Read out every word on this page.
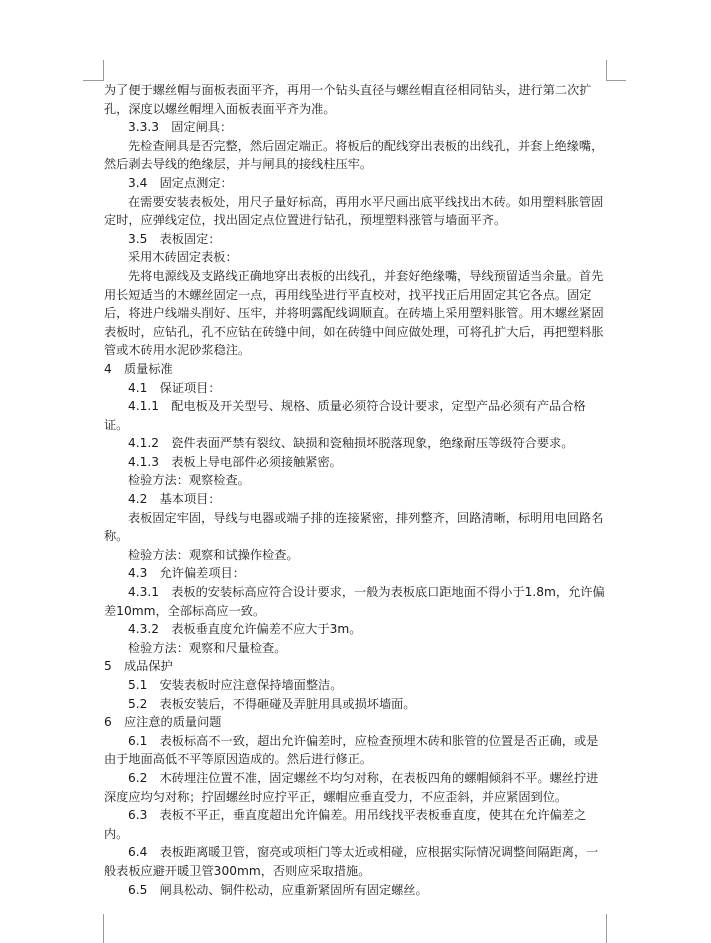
为了便于螺丝帽与面板表面平齐，再用一个钻头直径与螺丝帽直径相同钻头，进行第二次扩孔，深度以螺丝帽埋入面板表面平齐为准。

3.3.3　固定闸具：

先检查闸具是否完整，然后固定端正。将板后的配线穿出表板的出线孔，并套上绝缘嘴，然后剥去导线的绝缘层，并与闸具的接线柱压牢。

3.4　固定点测定：

在需要安装表板处，用尺子量好标高，再用水平尺画出底平线找出木砖。如用塑料胀管固定时，应弹线定位，找出固定点位置进行钻孔，预埋塑料涨管与墙面平齐。

3.5　表板固定：

采用木砖固定表板：

先将电源线及支路线正确地穿出表板的出线孔，并套好绝缘嘴，导线预留适当余量。首先用长短适当的木螺丝固定一点，再用线坠进行平直校对，找平找正后用固定其它各点。固定后，将进户线端头削好、压牢，并将明露配线调顺直。在砖墙上采用塑料胀管。用木螺丝紧固表板时，应钻孔，孔不应钻在砖缝中间，如在砖缝中间应做处理，可将孔扩大后，再把塑料胀管或木砖用水泥砂浆稳注。

4　质量标准

4.1　保证项目：

4.1.1　配电板及开关型号、规格、质量必须符合设计要求，定型产品必须有产品合格证。

4.1.2　瓷件表面严禁有裂纹、缺损和瓷釉损坏脱落现象，绝缘耐压等级符合要求。

4.1.3　表板上导电部件必须接触紧密。

检验方法：观察检查。

4.2　基本项目：

表板固定牢固，导线与电器或端子排的连接紧密，排列整齐，回路清晰，标明用电回路名称。

检验方法：观察和试操作检查。

4.3　允许偏差项目：

4.3.1　表板的安装标高应符合设计要求，一般为表板底口距地面不得小于1.8m，允许偏差10mm，全部标高应一致。

4.3.2　表板垂直度允许偏差不应大于3m。

检验方法：观察和尺量检查。

5　成品保护

5.1　安装表板时应注意保持墙面整洁。

5.2　表板安装后，不得砸碰及弄脏用具或损坏墙面。

6　应注意的质量问题

6.1　表板标高不一致，超出允许偏差时，应检查预埋木砖和胀管的位置是否正确，或是由于地面高低不平等原因造成的。然后进行修正。

6.2　木砖埋注位置不准，固定螺丝不均匀对称，在表板四角的螺帽倾斜不平。螺丝拧进深度应均匀对称；拧固螺丝时应拧平正，螺帽应垂直受力，不应歪斜，并应紧固到位。

6.3　表板不平正，垂直度超出允许偏差。用吊线找平表板垂直度，使其在允许偏差之内。

6.4　表板距离暖卫管，窗亮或项柜门等太近或相碰，应根据实际情况调整间隔距离，一般表板应避开暖卫管300mm，否则应采取措施。

6.5　闸具松动、铜件松动，应重新紧固所有固定螺丝。
